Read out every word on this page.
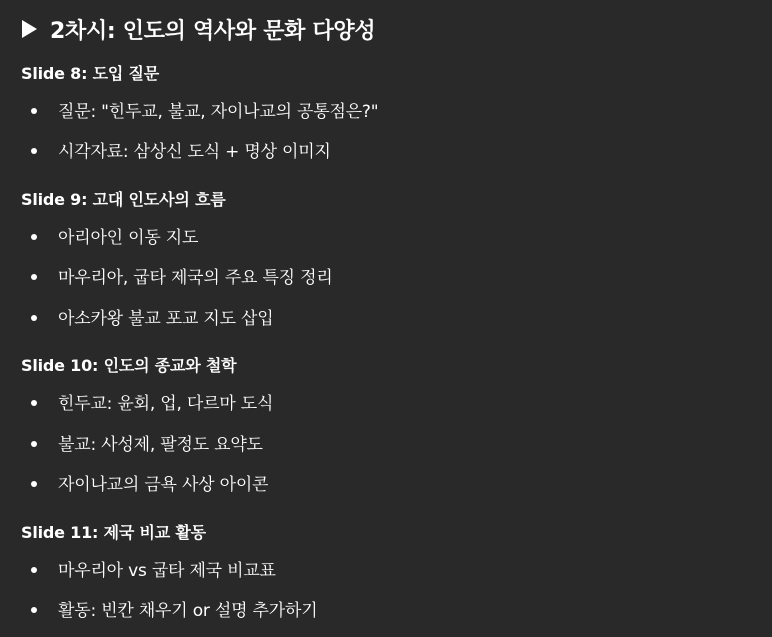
2차시: 인도의 역사와 문화 다양성
Slide 8: 도입 질문
질문: "힌두교, 불교, 자이나교의 공통점은?"
시각자료: 삼상신 도식 + 명상 이미지
Slide 9: 고대 인도사의 흐름
아리아인 이동 지도
마우리아, 굽타 제국의 주요 특징 정리
아소카왕 불교 포교 지도 삽입
Slide 10: 인도의 종교와 철학
힌두교: 윤회, 업, 다르마 도식
불교: 사성제, 팔정도 요약도
자이나교의 금욕 사상 아이콘
Slide 11: 제국 비교 활동
마우리아 vs 굽타 제국 비교표
활동: 빈칸 채우기 or 설명 추가하기
